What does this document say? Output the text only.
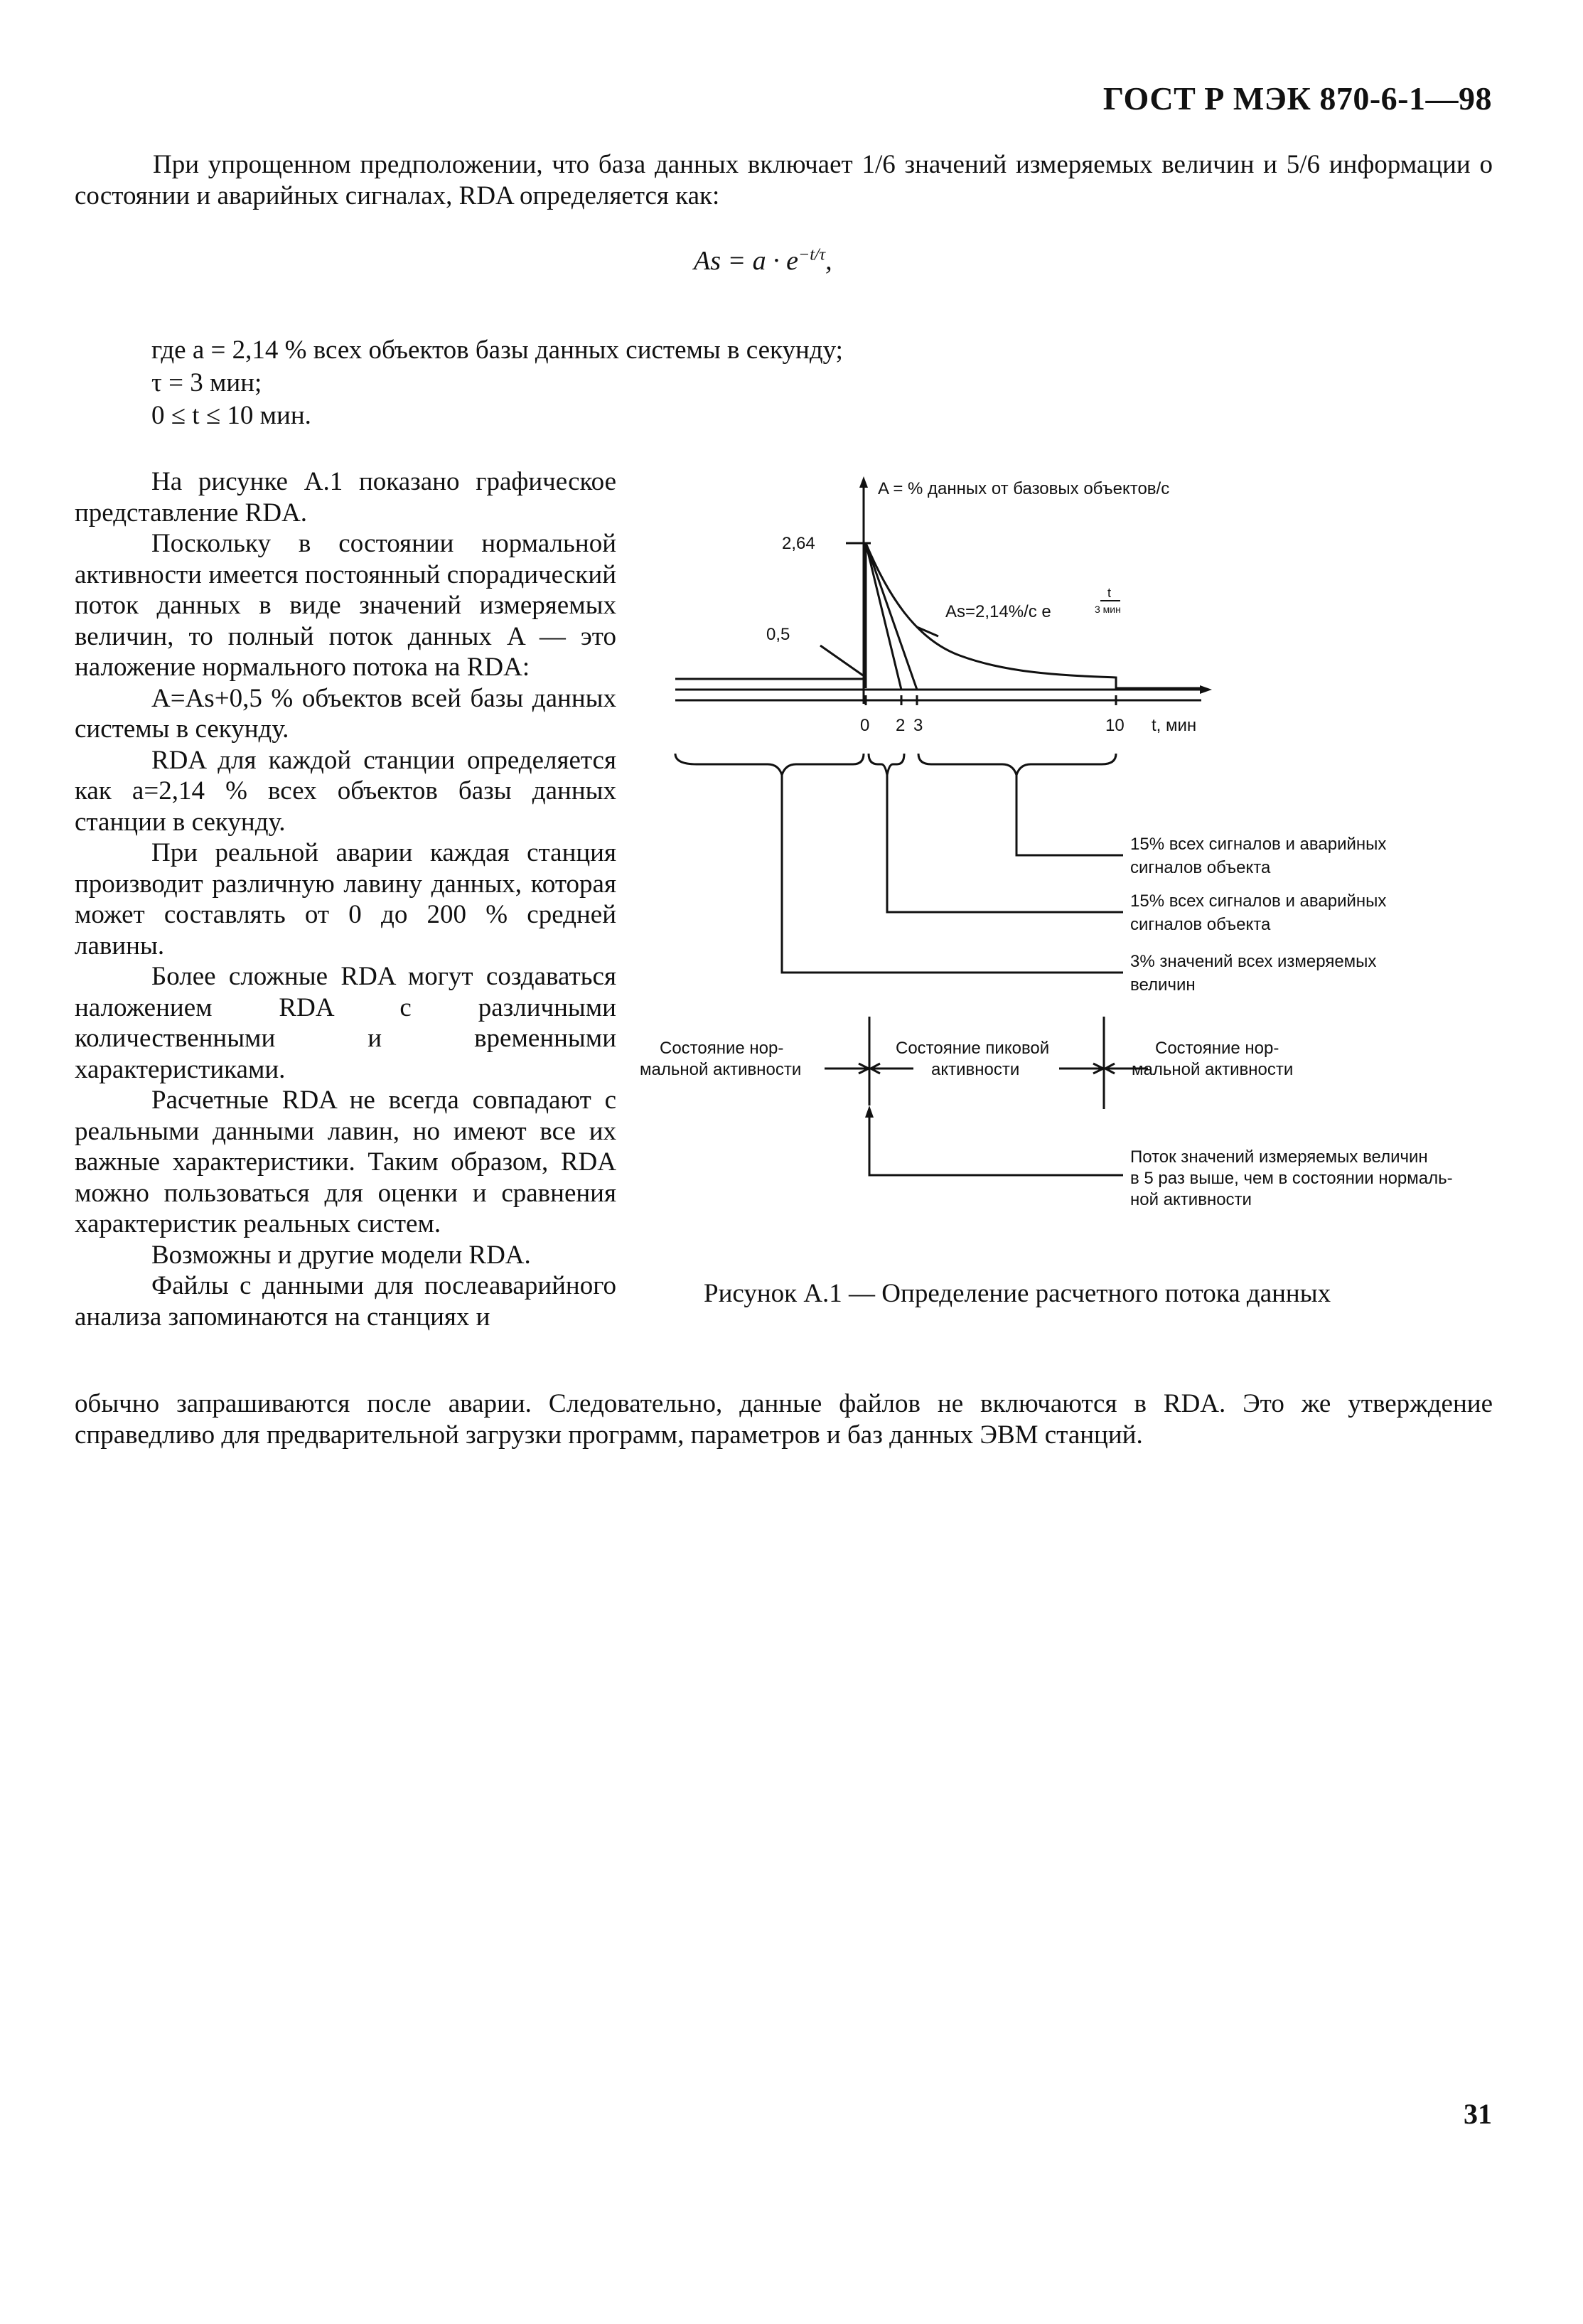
ГОСТ Р МЭК 870-6-1—98
При упрощенном предположении, что база данных включает 1/6 значений измеряемых величин и 5/6 информации о состоянии и аварийных сигналах, RDA определяется как:
$As = a \cdot e^{-t/\tau}$,
где a = 2,14 % всех объектов базы данных системы в секунду;
τ = 3 мин;
0 ≤ t ≤ 10 мин.

На рисунке А.1 показано графическое представление RDA.

Поскольку в состоянии нормальной активности имеется постоянный спорадический поток данных в виде значений измеряемых величин, то полный поток данных A — это наложение нормального потока на RDA:

A=As+0,5 % объектов всей базы данных системы в секунду.

RDA для каждой станции определяется как a=2,14 % всех объектов базы данных станции в секунду.

При реальной аварии каждая станция производит различную лавину данных, которая может составлять от 0 до 200 % средней лавины.

Более сложные RDA могут создаваться наложением RDA с различными количественными и временными характеристиками.

Расчетные RDA не всегда совпадают с реальными данными лавин, но имеют все их важные характеристики. Таким образом, RDA можно пользоваться для оценки и сравнения характеристик реальных систем.

Возможны и другие модели RDA.

Файлы с данными для послеаварийного анализа запоминаются на станциях и

A = % данных от базовых объектов/с
2,64
0,5
As=2,14%/с e
t
3 мин
0 2 3	10 t, мин
15% всех сигналов и аварийных
сигналов объекта
15% всех сигналов и аварийных
сигналов объекта
3% значений всех измеряемых
величин
Состояние нор-
мальной активности
Состояние пиковой
активности
Состояние нор-
мальной активности
Поток значений измеряемых величин
в 5 раз выше, чем в состоянии нормаль-
ной активности
Рисунок А.1 — Определение расчетного потока данных
обычно запрашиваются после аварии. Следовательно, данные файлов не включаются в RDA. Это же утверждение справедливо для предварительной загрузки программ, параметров и баз данных ЭВМ станций.
31
